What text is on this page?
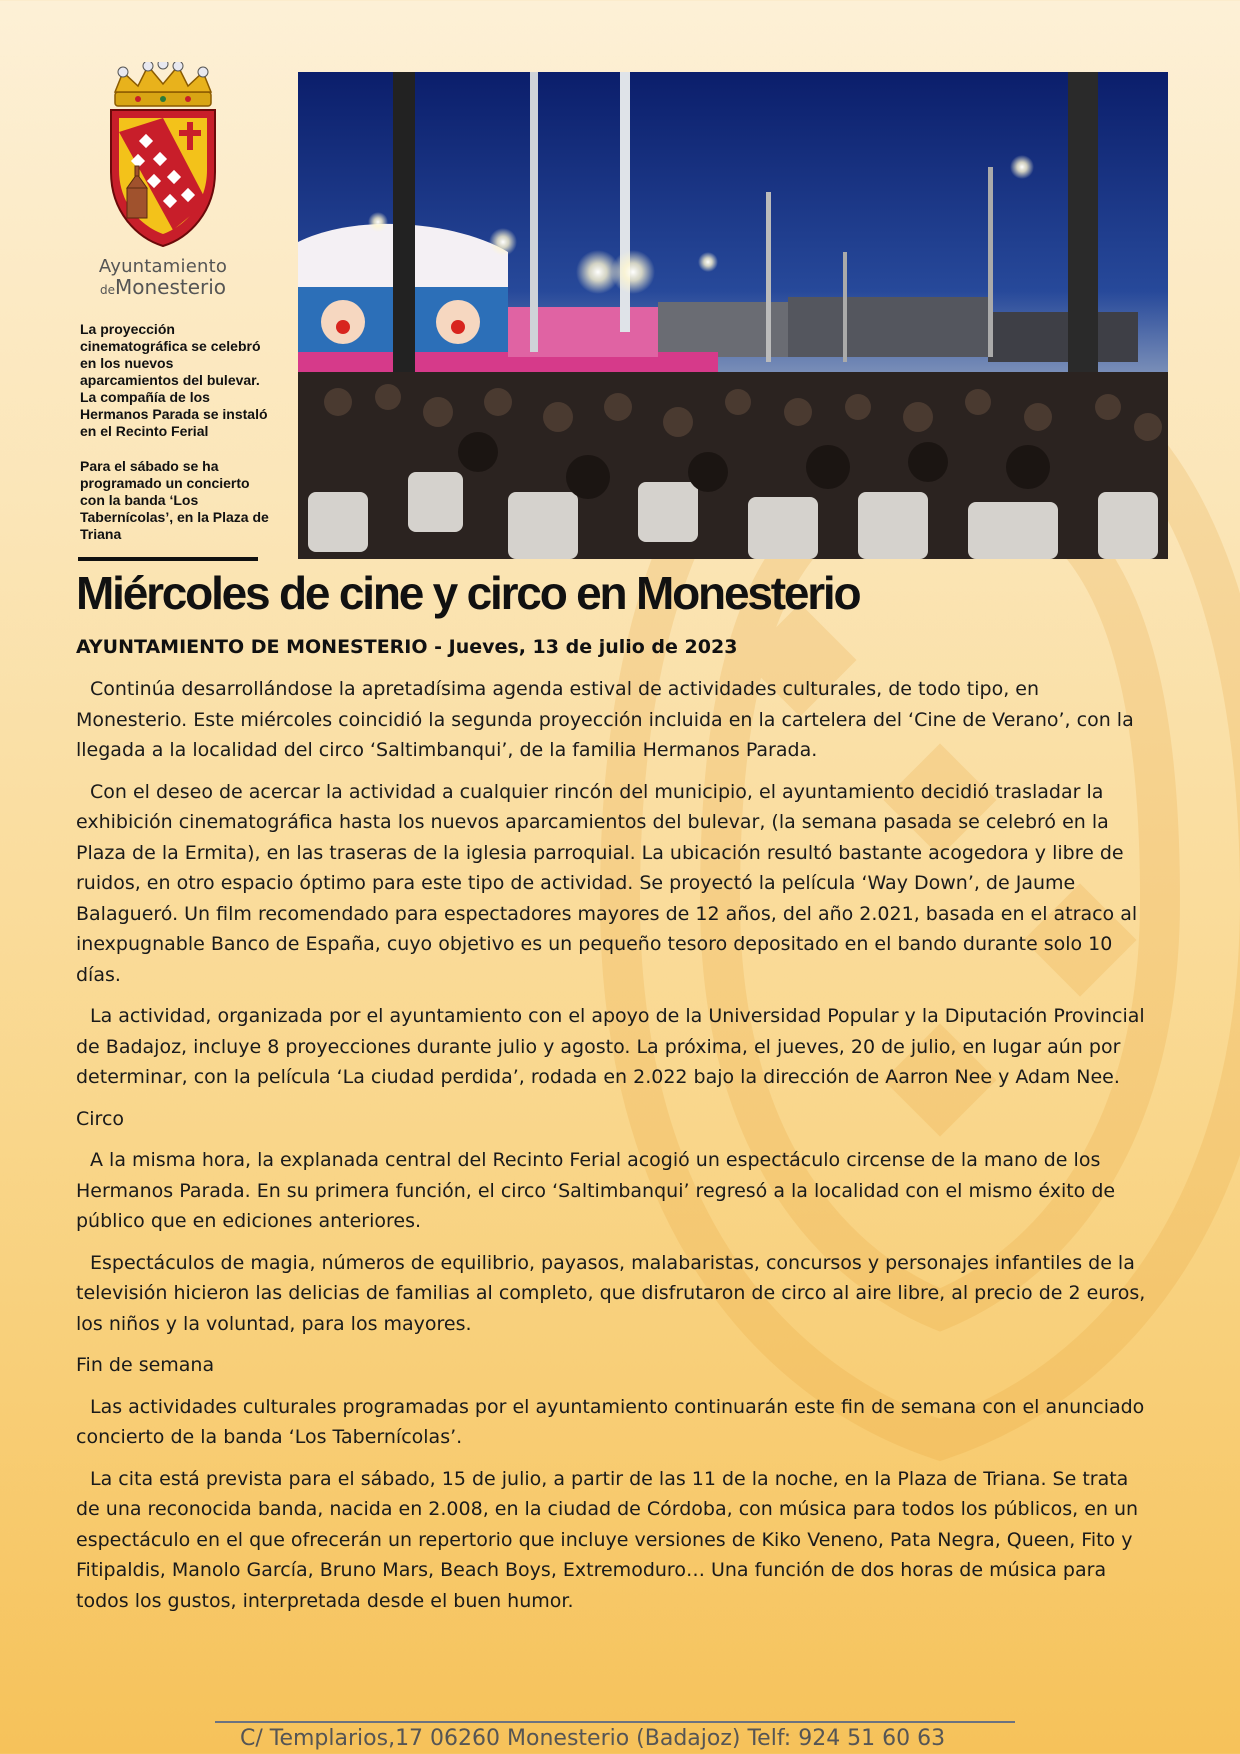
Ayuntamiento
deMonesterio

La proyección cinematográfica se celebró en los nuevos aparcamientos del bulevar. La compañía de los Hermanos Parada se instaló en el Recinto Ferial

Para el sábado se ha programado un concierto con la banda ‘Los Tabernícolas’, en la Plaza de Triana

Miércoles de cine y circo en Monesterio
AYUNTAMIENTO DE MONESTERIO - Jueves, 13 de julio de 2023

Continúa desarrollándose la apretadísima agenda estival de actividades culturales, de todo tipo, en Monesterio. Este miércoles coincidió la segunda proyección incluida en la cartelera del ‘Cine de Verano’, con la llegada a la localidad del circo ‘Saltimbanqui’, de la familia Hermanos Parada.

Con el deseo de acercar la actividad a cualquier rincón del municipio, el ayuntamiento decidió trasladar la exhibición cinematográfica hasta los nuevos aparcamientos del bulevar, (la semana pasada se celebró en la Plaza de la Ermita), en las traseras de la iglesia parroquial. La ubicación resultó bastante acogedora y libre de ruidos, en otro espacio óptimo para este tipo de actividad. Se proyectó la película ‘Way Down’, de Jaume Balagueró. Un film recomendado para espectadores mayores de 12 años, del año 2.021, basada en el atraco al inexpugnable Banco de España, cuyo objetivo es un pequeño tesoro depositado en el bando durante solo 10 días.

La actividad, organizada por el ayuntamiento con el apoyo de la Universidad Popular y la Diputación Provincial de Badajoz, incluye 8 proyecciones durante julio y agosto. La próxima, el jueves, 20 de julio, en lugar aún por determinar, con la película ‘La ciudad perdida’, rodada en 2.022 bajo la dirección de Aarron Nee y Adam Nee.

Circo

A la misma hora, la explanada central del Recinto Ferial acogió un espectáculo circense de la mano de los Hermanos Parada. En su primera función, el circo ‘Saltimbanqui’ regresó a la localidad con el mismo éxito de público que en ediciones anteriores.

Espectáculos de magia, números de equilibrio, payasos, malabaristas, concursos y personajes infantiles de la televisión hicieron las delicias de familias al completo, que disfrutaron de circo al aire libre, al precio de 2 euros, los niños y la voluntad, para los mayores.

Fin de semana

Las actividades culturales programadas por el ayuntamiento continuarán este fin de semana con el anunciado concierto de la banda ‘Los Tabernícolas’.

La cita está prevista para el sábado, 15 de julio, a partir de las 11 de la noche, en la Plaza de Triana. Se trata de una reconocida banda, nacida en 2.008, en la ciudad de Córdoba, con música para todos los públicos, en un espectáculo en el que ofrecerán un repertorio que incluye versiones de Kiko Veneno, Pata Negra, Queen, Fito y Fitipaldis, Manolo García, Bruno Mars, Beach Boys, Extremoduro… Una función de dos horas de música para todos los gustos, interpretada desde el buen humor.

C/ Templarios,17 06260 Monesterio (Badajoz) Telf: 924 51 60 63
